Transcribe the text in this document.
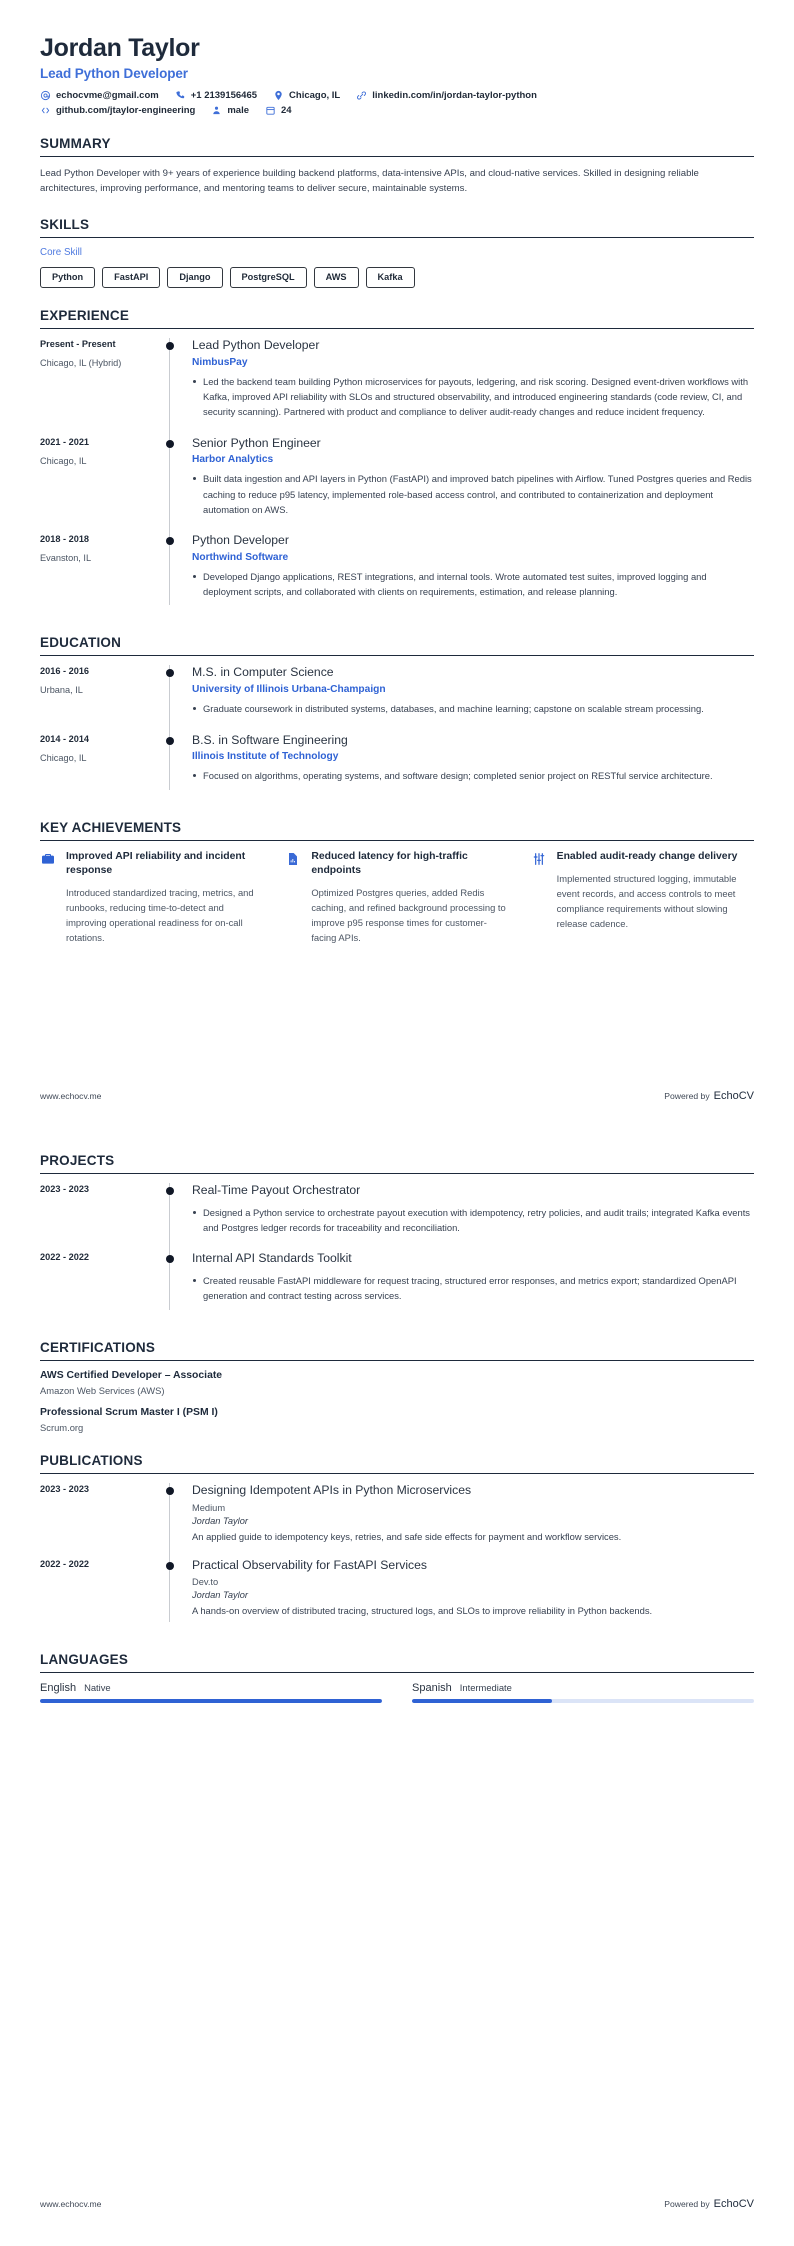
Jordan Taylor
Lead Python Developer
echocvme@gmail.com	+1 2139156465	Chicago, IL	linkedin.com/in/jordan-taylor-python
github.com/jtaylor-engineering	male	24
SUMMARY
Lead Python Developer with 9+ years of experience building backend platforms, data-intensive APIs, and cloud-native services. Skilled in designing reliable architectures, improving performance, and mentoring teams to deliver secure, maintainable systems.
SKILLS
Core Skill
Python	FastAPI	Django	PostgreSQL	AWS	Kafka
EXPERIENCE
Present - Present
Chicago, IL (Hybrid)
Lead Python Developer
NimbusPay
Led the backend team building Python microservices for payouts, ledgering, and risk scoring. Designed event-driven workflows with Kafka, improved API reliability with SLOs and structured observability, and introduced engineering standards (code review, CI, and security scanning). Partnered with product and compliance to deliver audit-ready changes and reduce incident frequency.
2021 - 2021
Chicago, IL
Senior Python Engineer
Harbor Analytics
Built data ingestion and API layers in Python (FastAPI) and improved batch pipelines with Airflow. Tuned Postgres queries and Redis caching to reduce p95 latency, implemented role-based access control, and contributed to containerization and deployment automation on AWS.
2018 - 2018
Evanston, IL
Python Developer
Northwind Software
Developed Django applications, REST integrations, and internal tools. Wrote automated test suites, improved logging and deployment scripts, and collaborated with clients on requirements, estimation, and release planning.
EDUCATION
2016 - 2016
Urbana, IL
M.S. in Computer Science
University of Illinois Urbana-Champaign
Graduate coursework in distributed systems, databases, and machine learning; capstone on scalable stream processing.
2014 - 2014
Chicago, IL
B.S. in Software Engineering
Illinois Institute of Technology
Focused on algorithms, operating systems, and software design; completed senior project on RESTful service architecture.
KEY ACHIEVEMENTS
Improved API reliability and incident response
Introduced standardized tracing, metrics, and runbooks, reducing time-to-detect and improving operational readiness for on-call rotations.
Reduced latency for high-traffic endpoints
Optimized Postgres queries, added Redis caching, and refined background processing to improve p95 response times for customer-facing APIs.
Enabled audit-ready change delivery
Implemented structured logging, immutable event records, and access controls to meet compliance requirements without slowing release cadence.
www.echocv.me	Powered by EchoCV
PROJECTS
2023 - 2023	Real-Time Payout Orchestrator
Designed a Python service to orchestrate payout execution with idempotency, retry policies, and audit trails; integrated Kafka events and Postgres ledger records for traceability and reconciliation.
2022 - 2022	Internal API Standards Toolkit
Created reusable FastAPI middleware for request tracing, structured error responses, and metrics export; standardized OpenAPI generation and contract testing across services.
CERTIFICATIONS
AWS Certified Developer – Associate
Amazon Web Services (AWS)
Professional Scrum Master I (PSM I)
Scrum.org
PUBLICATIONS
2023 - 2023	Designing Idempotent APIs in Python Microservices
Medium
Jordan Taylor
An applied guide to idempotency keys, retries, and safe side effects for payment and workflow services.
2022 - 2022	Practical Observability for FastAPI Services
Dev.to
Jordan Taylor
A hands-on overview of distributed tracing, structured logs, and SLOs to improve reliability in Python backends.
LANGUAGES
English Native	Spanish Intermediate
www.echocv.me	Powered by EchoCV
